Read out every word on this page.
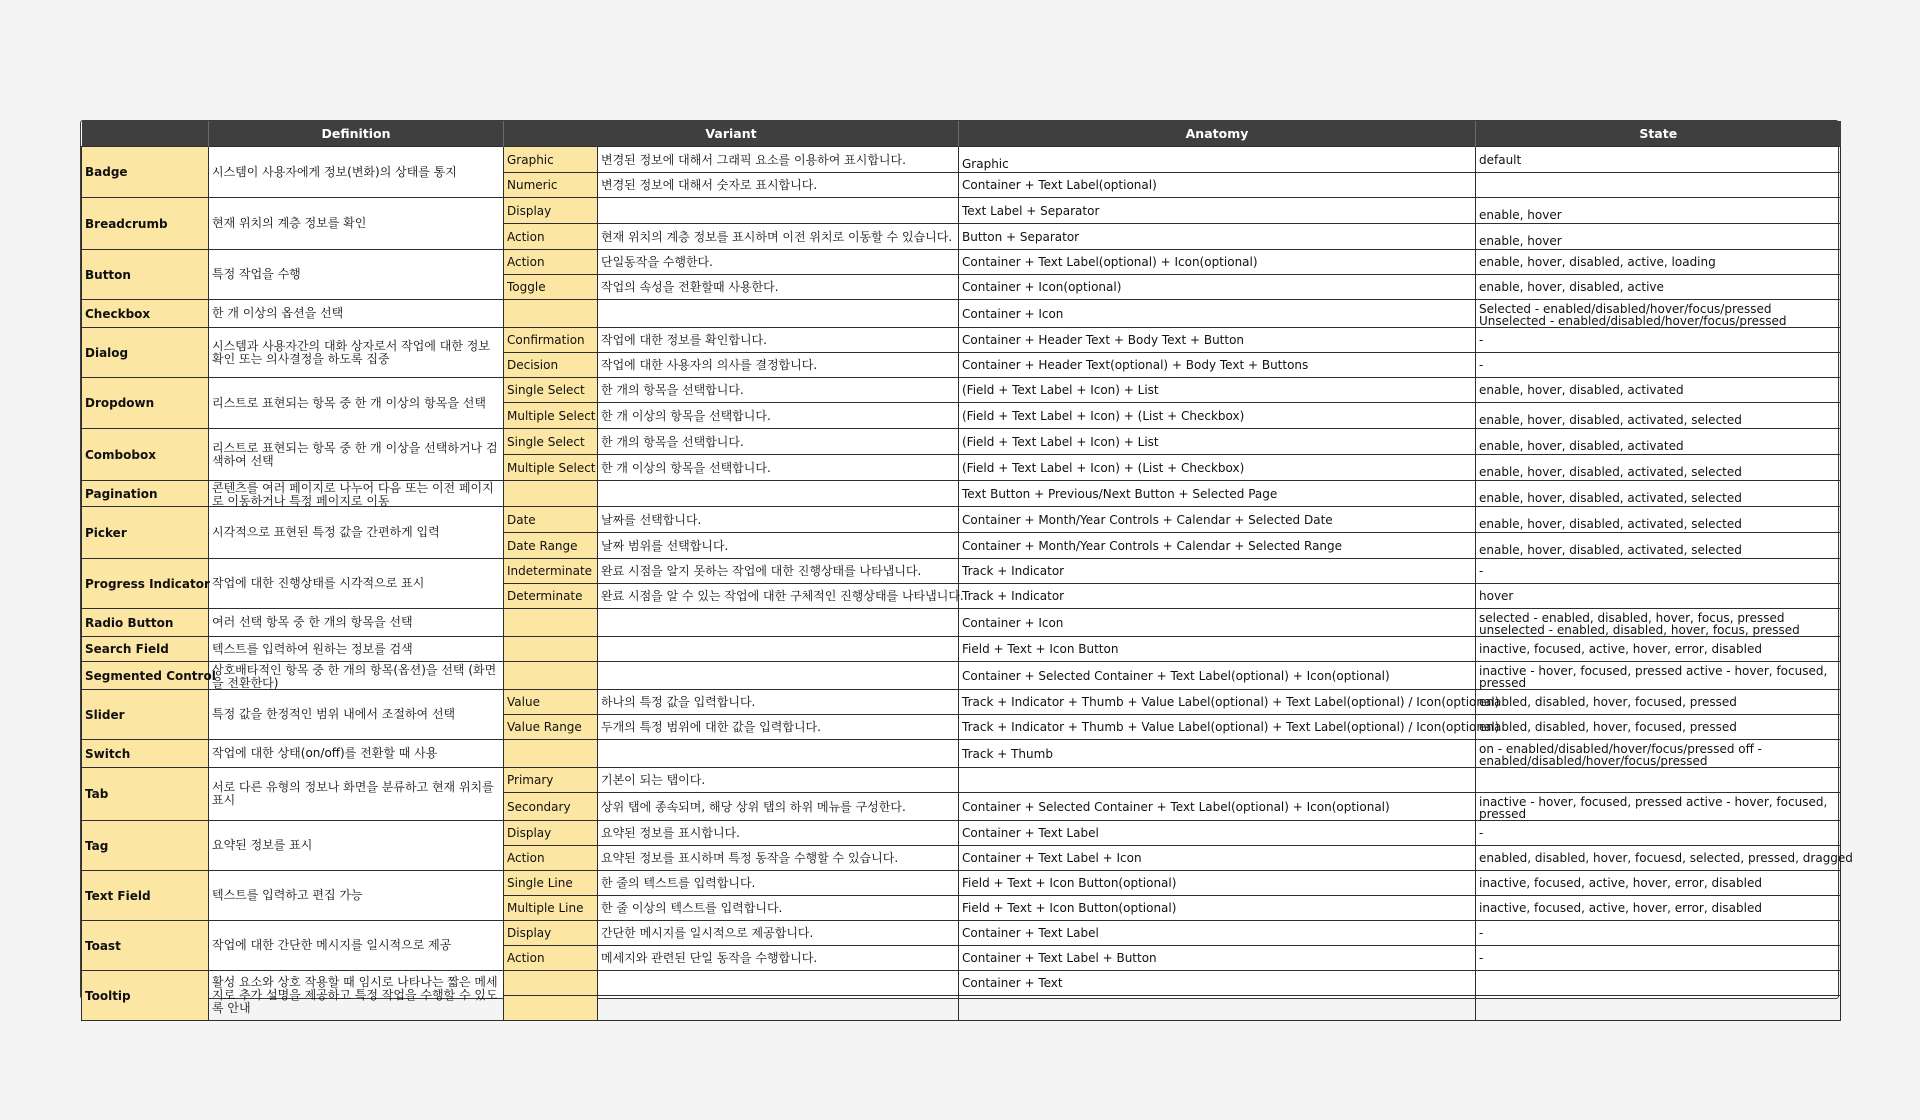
	Definition	Variant		Anatomy	State
Badge	시스템이 사용자에게 정보(변화)의 상태를 통지	Graphic	변경된 정보에 대해서 그래픽 요소를 이용하여 표시합니다.	Graphic	default
		Numeric	변경된 정보에 대해서 숫자로 표시합니다.	Container + Text Label(optional)	
Breadcrumb	현재 위치의 계층 정보를 확인	Display		Text Label + Separator	enable, hover
		Action	현재 위치의 계층 정보를 표시하며 이전 위치로 이동할 수 있습니다.	Button + Separator	enable, hover
Button	특정 작업을 수행	Action	단일동작을 수행한다.	Container + Text Label(optional) + Icon(optional)	enable, hover, disabled, active, loading
		Toggle	작업의 속성을 전환할때 사용한다.	Container + Icon(optional)	enable, hover, disabled, active
Checkbox	한 개 이상의 옵션을 선택			Container + Icon	Selected - enabled/disabled/hover/focus/pressed Unselected - enabled/disabled/hover/focus/pressed

Dialog	시스템과 사용자간의 대화 상자로서 작업에 대한 정보 확인 또는 의사결정을 하도록 집중	Confirmation	작업에 대한 정보를 확인합니다.	Container + Header Text + Body Text + Button	-
		Decision	작업에 대한 사용자의 의사를 결정합니다.	Container + Header Text(optional) + Body Text + Buttons	-
Dropdown	리스트로 표현되는 항목 중 한 개 이상의 항목을 선택	Single Select	한 개의 항목을 선택합니다.	(Field + Text Label + Icon) + List	enable, hover, disabled, activated
		Multiple Select	한 개 이상의 항목을 선택합니다.	(Field + Text Label + Icon) + (List + Checkbox)	enable, hover, disabled, activated, selected
Combobox	리스트로 표현되는 항목 중 한 개 이상을 선택하거나 검색하여 선택	Single Select	한 개의 항목을 선택합니다.	(Field + Text Label + Icon) + List	enable, hover, disabled, activated
		Multiple Select	한 개 이상의 항목을 선택합니다.	(Field + Text Label + Icon) + (List + Checkbox)	enable, hover, disabled, activated, selected
Pagination	콘텐츠를 여러 페이지로 나누어 다음 또는 이전 페이지로 이동하거나 특정 페이지로 이동			Text Button + Previous/Next Button + Selected Page	enable, hover, disabled, activated, selected
Picker	시각적으로 표현된 특정 값을 간편하게 입력	Date	날짜를 선택합니다.	Container + Month/Year Controls + Calendar + Selected Date	enable, hover, disabled, activated, selected
		Date Range	날짜 범위를 선택합니다.	Container + Month/Year Controls + Calendar + Selected Range	enable, hover, disabled, activated, selected
Progress Indicator	작업에 대한 진행상태를 시각적으로 표시	Indeterminate	완료 시점을 알지 못하는 작업에 대한 진행상태를 나타냅니다.	Track + Indicator	-
		Determinate	완료 시점을 알 수 있는 작업에 대한 구체적인 진행상태를 나타냅니다.	Track + Indicator	hover
Radio Button	여러 선택 항목 중 한 개의 항목을 선택			Container + Icon	selected - enabled, disabled, hover, focus, pressed unselected - enabled, disabled, hover, focus, pressed

Search Field	텍스트를 입력하여 원하는 정보를 검색			Field + Text + Icon Button	inactive, focused, active, hover, error, disabled
Segmented Control	상호배타적인 항목 중 한 개의 항목(옵션)을 선택 (화면을 전환한다)			Container + Selected Container + Text Label(optional) + Icon(optional)	inactive - hover, focused, pressed active - hover, focused, pressed

Slider	특정 값을 한정적인 범위 내에서 조절하여 선택	Value	하나의 특정 값을 입력합니다.	Track + Indicator + Thumb + Value Label(optional) + Text Label(optional) / Icon(optional)	enabled, disabled, hover, focused, pressed
		Value Range	두개의 특정 범위에 대한 값을 입력합니다.	Track + Indicator + Thumb + Value Label(optional) + Text Label(optional) / Icon(optional)	enabled, disabled, hover, focused, pressed
Switch	작업에 대한 상태(on/off)를 전환할 때 사용			Track + Thumb	on - enabled/disabled/hover/focus/pressed off - enabled/disabled/hover/focus/pressed

Tab	서로 다른 유형의 정보나 화면을 분류하고 현재 위치를 표시	Primary	기본이 되는 탭이다.		
		Secondary	상위 탭에 종속되며, 해당 상위 탭의 하위 메뉴를 구성한다.	Container + Selected Container + Text Label(optional) + Icon(optional)	inactive - hover, focused, pressed active - hover, focused, pressed

Tag	요약된 정보를 표시	Display	요약된 정보를 표시합니다.	Container + Text Label	-
		Action	요약된 정보를 표시하며 특정 동작을 수행할 수 있습니다.	Container + Text Label + Icon	enabled, disabled, hover, focuesd, selected, pressed, dragged
Text Field	텍스트를 입력하고 편집 가능	Single Line	한 줄의 텍스트를 입력합니다.	Field + Text + Icon Button(optional)	inactive, focused, active, hover, error, disabled
		Multiple Line	한 줄 이상의 텍스트를 입력합니다.	Field + Text + Icon Button(optional)	inactive, focused, active, hover, error, disabled
Toast	작업에 대한 간단한 메시지를 일시적으로 제공	Display	간단한 메시지를 일시적으로 제공합니다.	Container + Text Label	-
		Action	메세지와 관련된 단일 동작을 수행합니다.	Container + Text Label + Button	-
Tooltip	활성 요소와 상호 작용할 때 임시로 나타나는 짧은 메세지로 추가 설명을 제공하고 특정 작업을 수행할 수 있도록 안내			Container + Text	
